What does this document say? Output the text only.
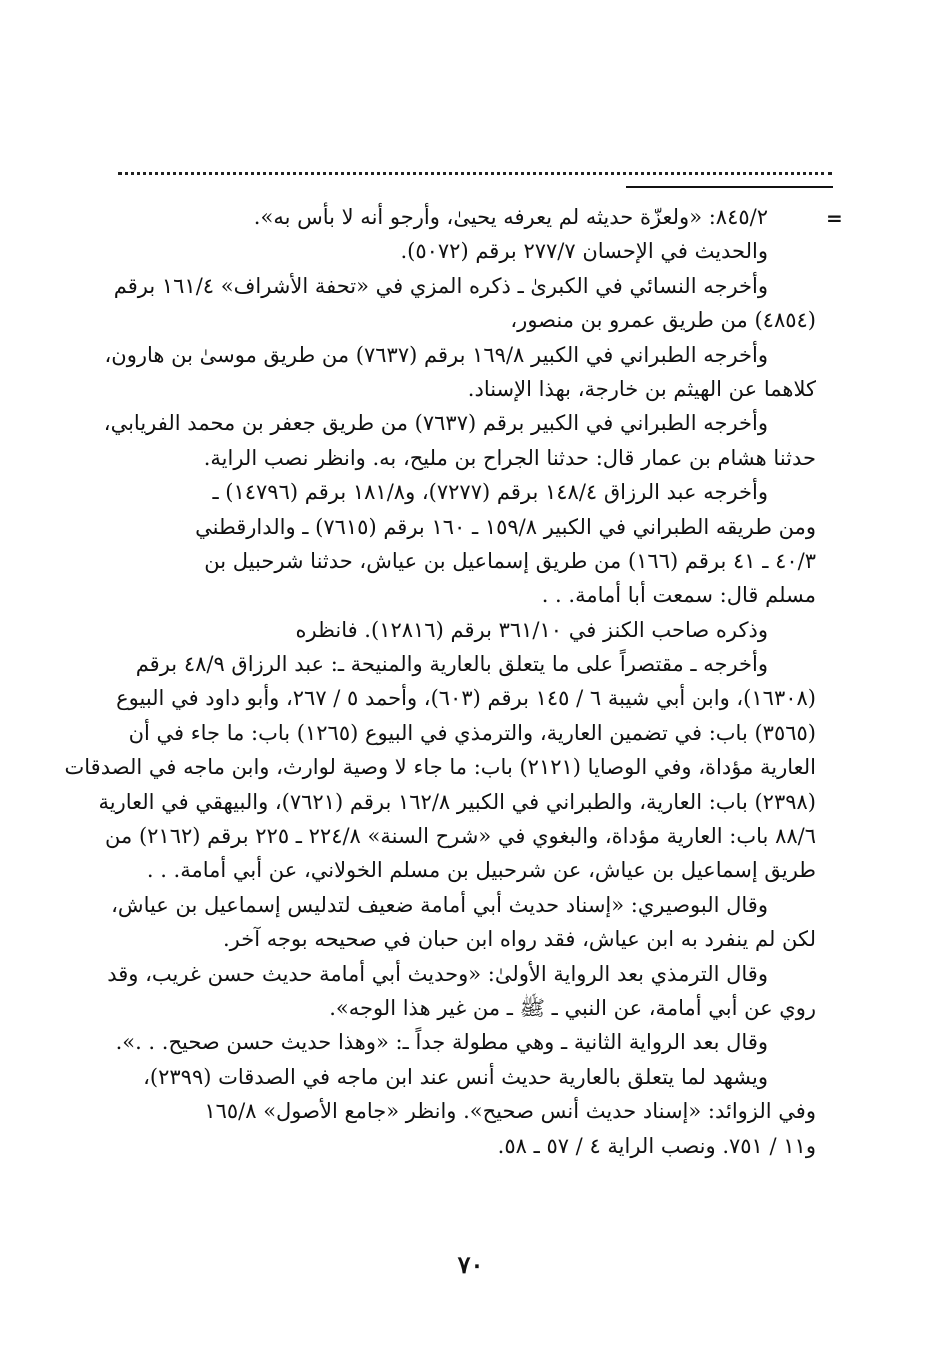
=
٨٤٥/٢: «ولعزّة حديثه لم يعرفه يحيىٰ، وأرجو أنه لا بأس به».
والحديث في الإحسان ٢٧٧/٧ برقم (٥٠٧٢).
وأخرجه النسائي في الكبرىٰ ـ ذكره المزي في «تحفة الأشراف» ١٦١/٤ برقم
(٤٨٥٤) من طريق عمرو بن منصور،
وأخرجه الطبراني في الكبير ١٦٩/٨ برقم (٧٦٣٧) من طريق موسىٰ بن هارون،
كلاهما عن الهيثم بن خارجة، بهذا الإسناد.
وأخرجه الطبراني في الكبير برقم (٧٦٣٧) من طريق جعفر بن محمد الفريابي،
حدثنا هشام بن عمار قال: حدثنا الجراح بن مليح، به. وانظر نصب الراية.
وأخرجه عبد الرزاق ١٤٨/٤ برقم (٧٢٧٧)، و١٨١/٨ برقم (١٤٧٩٦) ـ
ومن طريقه الطبراني في الكبير ١٥٩/٨ ـ ١٦٠ برقم (٧٦١٥) ـ والدارقطني
٤٠/٣ ـ ٤١ برقم (١٦٦) من طريق إسماعيل بن عياش، حدثنا شرحبيل بن
مسلم قال: سمعت أبا أمامة. . .
وذكره صاحب الكنز في ٣٦١/١٠ برقم (١٢٨١٦). فانظره
وأخرجه ـ مقتصراً على ما يتعلق بالعارية والمنيحة ـ: عبد الرزاق ٤٨/٩ برقم
(١٦٣٠٨)، وابن أبي شيبة ٦ / ١٤٥ برقم (٦٠٣)، وأحمد ٥ / ٢٦٧، وأبو داود في البيوع
(٣٥٦٥) باب: في تضمين العارية، والترمذي في البيوع (١٢٦٥) باب: ما جاء في أن
العارية مؤداة، وفي الوصايا (٢١٢١) باب: ما جاء لا وصية لوارث، وابن ماجه في الصدقات
(٢٣٩٨) باب: العارية، والطبراني في الكبير ١٦٢/٨ برقم (٧٦٢١)، والبيهقي في العارية
٨٨/٦ باب: العارية مؤداة، والبغوي في «شرح السنة» ٢٢٤/٨ ـ ٢٢٥ برقم (٢١٦٢) من
طريق إسماعيل بن عياش، عن شرحبيل بن مسلم الخولاني، عن أبي أمامة. . .
وقال البوصيري: «إسناد حديث أبي أمامة ضعيف لتدليس إسماعيل بن عياش،
لكن لم ينفرد به ابن عياش، فقد رواه ابن حبان في صحيحه بوجه آخر.
وقال الترمذي بعد الرواية الأولىٰ: «وحديث أبي أمامة حديث حسن غريب، وقد
روي عن أبي أمامة، عن النبي ـ ﷺ ـ من غير هذا الوجه».
وقال بعد الرواية الثانية ـ وهي مطولة جداً ـ: «وهذا حديث حسن صحيح. . .».
ويشهد لما يتعلق بالعارية حديث أنس عند ابن ماجه في الصدقات (٢٣٩٩)،
وفي الزوائد: «إسناد حديث أنس صحيح». وانظر «جامع الأصول» ١٦٥/٨
و١١ / ٧٥١. ونصب الراية ٤ / ٥٧ ـ ٥٨.
٧٠
